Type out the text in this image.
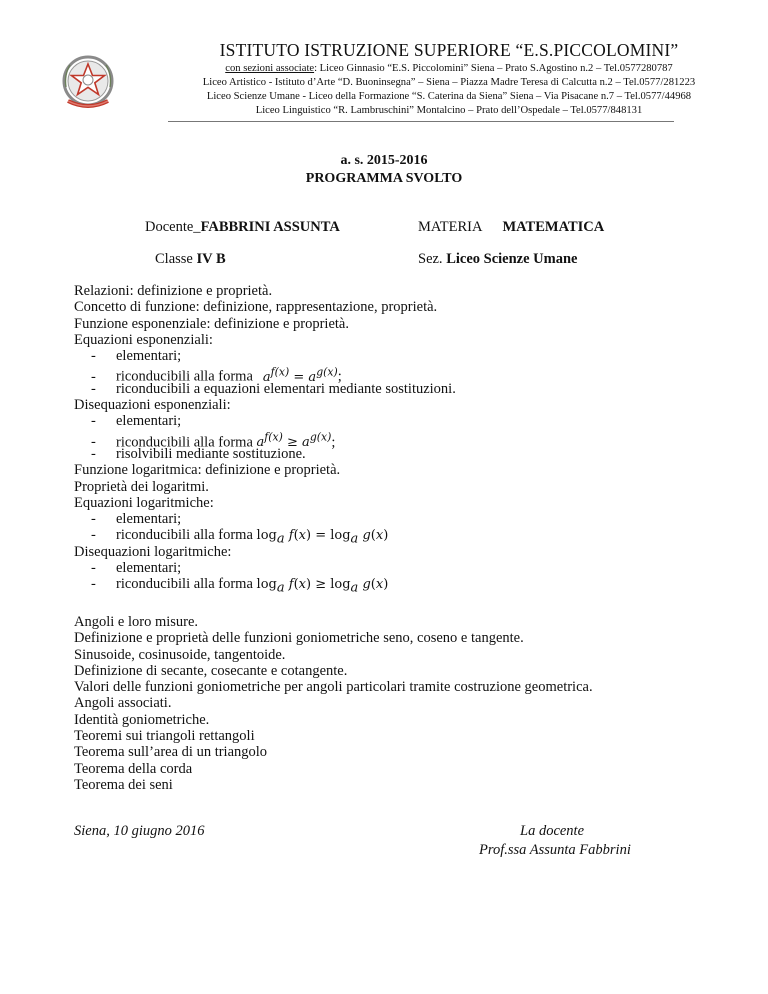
ISTITUTO ISTRUZIONE SUPERIORE “E.S.PICCOLOMINI”
con sezioni associate: Liceo Ginnasio “E.S. Piccolomini” Siena – Prato S.Agostino n.2 – Tel.0577280787
Liceo Artistico - Istituto d’Arte “D. Buoninsegna” – Siena – Piazza Madre Teresa di Calcutta n.2 – Tel.0577/281223
Liceo Scienze Umane - Liceo della Formazione “S. Caterina da Siena” Siena – Via Pisacane n.7 – Tel.0577/44968
Liceo Linguistico “R. Lambruschini” Montalcino – Prato dell’Ospedale – Tel.0577/848131
a. s. 2015-2016
PROGRAMMA SVOLTO
Docente_FABBRINI ASSUNTA	MATERIA MATEMATICA
Classe IV B	Sez. Liceo Scienze Umane
Relazioni: definizione e proprietà.
Concetto di funzione: definizione, rappresentazione, proprietà.
Funzione esponenziale: definizione e proprietà.
Equazioni esponenziali:
- elementari;
- riconducibili alla forma $a^{f(x)} = a^{g(x)}$;
- riconducibili a equazioni elementari mediante sostituzioni.
Disequazioni esponenziali:
- elementari;
- riconducibili alla forma $a^{f(x)} \ge a^{g(x)}$;
- risolvibili mediante sostituzione.
Funzione logaritmica: definizione e proprietà.
Proprietà dei logaritmi.
Equazioni logaritmiche:
- elementari;
- riconducibili alla forma $\log_a f(x) = \log_a g(x)$
Disequazioni logaritmiche:
- elementari;
- riconducibili alla forma $\log_a f(x) \ge \log_a g(x)$
Angoli e loro misure.
Definizione e proprietà delle funzioni goniometriche seno, coseno e tangente.
Sinusoide, cosinusoide, tangentoide.
Definizione di secante, cosecante e cotangente.
Valori delle funzioni goniometriche per angoli particolari tramite costruzione geometrica.
Angoli associati.
Identità goniometriche.
Teoremi sui triangoli rettangoli
Teorema sull’area di un triangolo
Teorema della corda
Teorema dei seni
Siena, 10 giugno 2016	La docente
Prof.ssa Assunta Fabbrini
